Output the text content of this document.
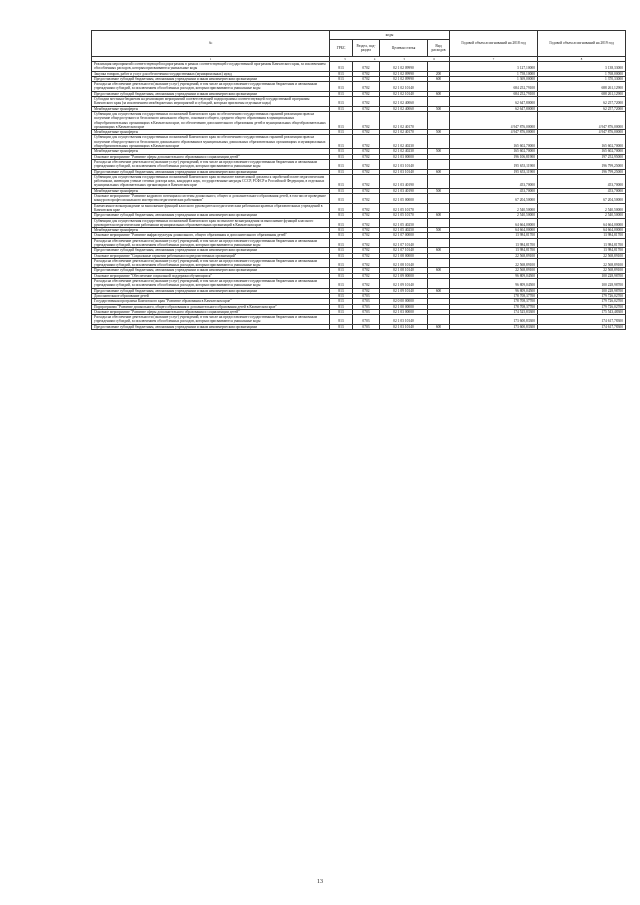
№	коды				Годовой объем ассигнований на 2018 год	Годовой объем ассигнований на 2019 год
	ГРБС	Раздел, под-раздел	Целевая статья	Вид расходов		
1	3 4 5 6				7	8
Реализация мероприятий соответствующей подпрограммы в рамках соответствующей государственной программы Камчатского края, за исключением обособленных расходов, которым присваиваются уникальные коды	813	0702	02 1 02 09990		3 127,10000	3 138,33000
Закупка товаров, работ и услуг для обеспечения государственных (муниципальных) нужд	813	0702	02 1 02 09990	200	1 758,10000	1 768,00000
Предоставление субсидий бюджетным, автономным учреждениям и иным некоммерческим организациям	813	0702	02 1 02 09990	600	1 369,00000	1 370,33000
Расходы на обеспечение деятельности (оказание услуг) учреждений, в том числе на предоставление государственным бюджетным и автономным учреждениям субсидий, за исключением обособленных расходов, которым присваиваются уникальные коды	813	0702	02 1 02 10140		684 252,79100	688 261,12900
Предоставление субсидий бюджетным, автономным учреждениям и иным некоммерческим организациям	813	0702	02 1 02 10140	600	684 252,79100	688 261,12900
Субсидии местным бюджетам на реализацию мероприятий соответствующей подпрограммы соответствующей государственной программы Камчатского края (за исключением межбюджетных мероприятий и субсидий, которым присвоены отдельные коды)	813	0702	02 1 02 40060		62 647,80000	62 257,72000
Межбюджетные трансферты	813	0702	02 1 02 40060	500	62 647,80000	62 257,72000
Субвенции для осуществления государственных полномочий Камчатского края по обеспечению государственных гарантий реализации прав на получение общедоступного и бесплатного начального общего, основного общего, среднего общего образования в муниципальных общеобразовательных организациях в Камчатском крае, по обеспечению дополнительного образования детей в муниципальных общеобразовательных организациях в Камчатском крае	813	0702	02 1 02 40170		4 947 876,00000	4 947 876,00000
Межбюджетные трансферты	813	0702	02 1 02 40170	500	4 947 876,00000	4 947 876,00000
Субвенции для осуществления государственных полномочий Камчатского края по обеспечению государственных гарантий реализации прав на получение общедоступного и бесплатного дошкольного образования в муниципальных дошкольных образовательных организациях и муниципальных общеобразовательных организациях в Камчатском крае	813	0702	02 1 02 40230		165 602,70000	165 602,70000
Межбюджетные трансферты	813	0702	02 1 02 40230	500	165 602,70000	165 602,70000
Основное мероприятие "Развитие сферы дополнительного образования и социализации детей"	813	0702	02 1 03 00000		196 106,81900	197 252,95000
Расходы на обеспечение деятельности (оказание услуг) учреждений, в том числе на предоставление государственным бюджетным и автономным учреждениям субсидий, за исключением обособленных расходов, которым присваиваются уникальные коды	813	0702	02 1 03 10140		195 653,11900	196 799,25000
Предоставление субсидий бюджетным, автономным учреждениям и иным некоммерческим организациям	813	0702	02 1 03 10140	600	195 653,11900	196 799,25000
Субвенции для осуществления государственных полномочий Камчатского края по выплате ежемесячной доплаты к заработной плате педагогическим работникам, имеющим ученые степени доктора наук, кандидата наук, государственные награды СССР, РСФСР и Российской Федерации, в отдельных муниципальных образовательных организациях в Камчатском крае	813	0702	02 1 03 40190		453,70000	453,70000
Межбюджетные трансферты	813	0702	02 1 03 40190	500	453,70000	453,70000
Основное мероприятие "Развитие кадрового потенциала системы дошкольного, общего и дополнительного образования детей, в том числе проведение конкурсов профессионального мастерства педагогических работников"	813	0702	02 1 05 00000		67 204,50000	67 204,50000
Ежемесячное вознаграждение за выполнение функций классного руководителя педагогическим работникам краевых образовательных учреждений в Камчатском крае	813	0702	02 1 05 10170		2 540,50000	2 540,50000
Предоставление субсидий бюджетным, автономным учреждениям и иным некоммерческим организациям	813	0702	02 1 05 10170	600	2 540,50000	2 540,50000
Субвенции для осуществления государственных полномочий Камчатского края по выплате вознаграждения за выполнение функций классного руководителя педагогическим работникам муниципальных образовательных организаций в Камчатском крае	813	0702	02 1 05 40250		64 664,00000	64 664,00000
Межбюджетные трансферты	813	0702	02 1 05 40250	500	64 664,00000	64 664,00000
Основное мероприятие "Развитие инфраструктуры дошкольного, общего образования и дополнительного образования детей"	813	0702	02 1 07 00000		13 984,81700	13 984,81700
Расходы на обеспечение деятельности (оказание услуг) учреждений, в том числе на предоставление государственным бюджетным и автономным учреждениям субсидий, за исключением обособленных расходов, которым присваиваются уникальные коды	813	0702	02 1 07 10140		13 984,81700	13 984,81700
Предоставление субсидий бюджетным, автономным учреждениям и иным некоммерческим организациям	813	0702	02 1 07 10140	600	13 984,81700	13 984,81700
Основное мероприятие "Социальные гарантии работникам подведомственных организаций"	813	0702	02 1 08 00000		22 568,89100	22 568,89100
Расходы на обеспечение деятельности (оказание услуг) учреждений, в том числе на предоставление государственным бюджетным и автономным учреждениям субсидий, за исключением обособленных расходов, которым присваиваются уникальные коды	813	0702	02 1 08 10140		22 568,89100	22 568,89100
Предоставление субсидий бюджетным, автономным учреждениям и иным некоммерческим организациям	813	0702	02 1 08 10140	600	22 568,89100	22 568,89100
Основное мероприятие "Обеспечение социальной поддержки обучающихся"	813	0702	02 1 09 00000		96 809,04500	100 228,98700
Расходы на обеспечение деятельности (оказание услуг) учреждений, в том числе на предоставление государственным бюджетным и автономным учреждениям субсидий, за исключением обособленных расходов, которым присваиваются уникальные коды	813	0702	02 1 09 10140		96 809,04500	100 228,98700
Предоставление субсидий бюджетным, автономным учреждениям и иным некоммерческим организациям	813	0702	02 1 09 10140	600	96 809,04500	100 228,98700
Дополнительное образование детей	813	0703			178 708,37700	179 726,02700
Государственная программа Камчатского края "Развитие образования в Камчатском крае"	813	0703	02 0 00 00000		178 708,37700	179 726,02700
Подпрограмма "Развитие дошкольного, общего образования и дополнительного образования детей в Камчатском крае"	813	0703	02 1 00 00000		178 708,37700	179 726,02700
Основное мероприятие "Развитие сферы дополнительного образования и социализации детей"	813	0703	02 1 03 00000		174 525,83300	175 543,48300
Расходы на обеспечение деятельности (оказание услуг) учреждений, в том числе на предоставление государственным бюджетным и автономным учреждениям субсидий, за исключением обособленных расходов, которым присваиваются уникальные коды	813	0703	02 1 03 10140		173 600,83300	174 617,78300
Предоставление субсидий бюджетным, автономным учреждениям и иным некоммерческим организациям	813	0703	02 1 03 10140	600	173 600,83300	174 617,78300
13
